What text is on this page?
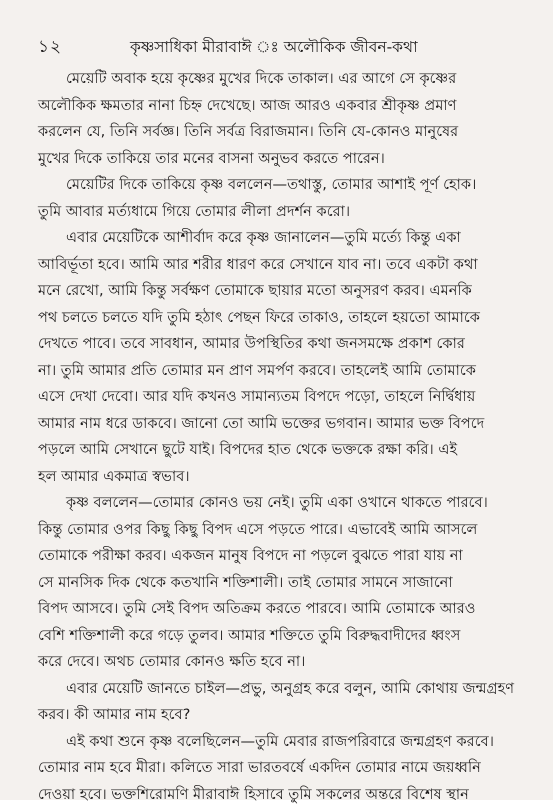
১২	কৃষ্ণসাধিকা মীরাবাঈ ঃ অলৌকিক জীবন-কথা

মেয়েটি অবাক হয়ে কৃষ্ণের মুখের দিকে তাকাল। এর আগে সে কৃষ্ণের
অলৌকিক ক্ষমতার নানা চিহ্ন দেখেছে। আজ আরও একবার শ্রীকৃষ্ণ প্রমাণ
করলেন যে, তিনি সর্বজ্ঞ। তিনি সর্বত্র বিরাজমান। তিনি যে-কোনও মানুষের
মুখের দিকে তাকিয়ে তার মনের বাসনা অনুভব করতে পারেন।

মেয়েটির দিকে তাকিয়ে কৃষ্ণ বললেন—তথাস্তু, তোমার আশাই পূর্ণ হোক।
তুমি আবার মর্ত্যধামে গিয়ে তোমার লীলা প্রদর্শন করো।

এবার মেয়েটিকে আশীর্বাদ করে কৃষ্ণ জানালেন—তুমি মর্ত্যে কিন্তু একা
আবির্ভূতা হবে। আমি আর শরীর ধারণ করে সেখানে যাব না। তবে একটা কথা
মনে রেখো, আমি কিন্তু সর্বক্ষণ তোমাকে ছায়ার মতো অনুসরণ করব। এমনকি
পথ চলতে চলতে যদি তুমি হঠাৎ পেছন ফিরে তাকাও, তাহলে হয়তো আমাকে
দেখতে পাবে। তবে সাবধান, আমার উপস্থিতির কথা জনসমক্ষে প্রকাশ কোর
না। তুমি আমার প্রতি তোমার মন প্রাণ সমর্পণ করবে। তাহলেই আমি তোমাকে
এসে দেখা দেবো। আর যদি কখনও সামান্যতম বিপদে পড়ো, তাহলে নির্দ্বিধায়
আমার নাম ধরে ডাকবে। জানো তো আমি ভক্তের ভগবান। আমার ভক্ত বিপদে
পড়লে আমি সেখানে ছুটে যাই। বিপদের হাত থেকে ভক্তকে রক্ষা করি। এই
হল আমার একমাত্র স্বভাব।

কৃষ্ণ বললেন—তোমার কোনও ভয় নেই। তুমি একা ওখানে থাকতে পারবে।
কিন্তু তোমার ওপর কিছু কিছু বিপদ এসে পড়তে পারে। এভাবেই আমি আসলে
তোমাকে পরীক্ষা করব। একজন মানুষ বিপদে না পড়লে বুঝতে পারা যায় না
সে মানসিক দিক থেকে কতখানি শক্তিশালী। তাই তোমার সামনে সাজানো
বিপদ আসবে। তুমি সেই বিপদ অতিক্রম করতে পারবে। আমি তোমাকে আরও
বেশি শক্তিশালী করে গড়ে তুলব। আমার শক্তিতে তুমি বিরুদ্ধবাদীদের ধ্বংস
করে দেবে। অথচ তোমার কোনও ক্ষতি হবে না।

এবার মেয়েটি জানতে চাইল—প্রভু, অনুগ্রহ করে বলুন, আমি কোথায় জন্মগ্রহণ
করব। কী আমার নাম হবে?

এই কথা শুনে কৃষ্ণ বলেছিলেন—তুমি মেবার রাজপরিবারে জন্মগ্রহণ করবে।
তোমার নাম হবে মীরা। কলিতে সারা ভারতবর্ষে একদিন তোমার নামে জয়ধ্বনি
দেওয়া হবে। ভক্তশিরোমণি মীরাবাঈ হিসাবে তুমি সকলের অন্তরে বিশেষ স্থান
